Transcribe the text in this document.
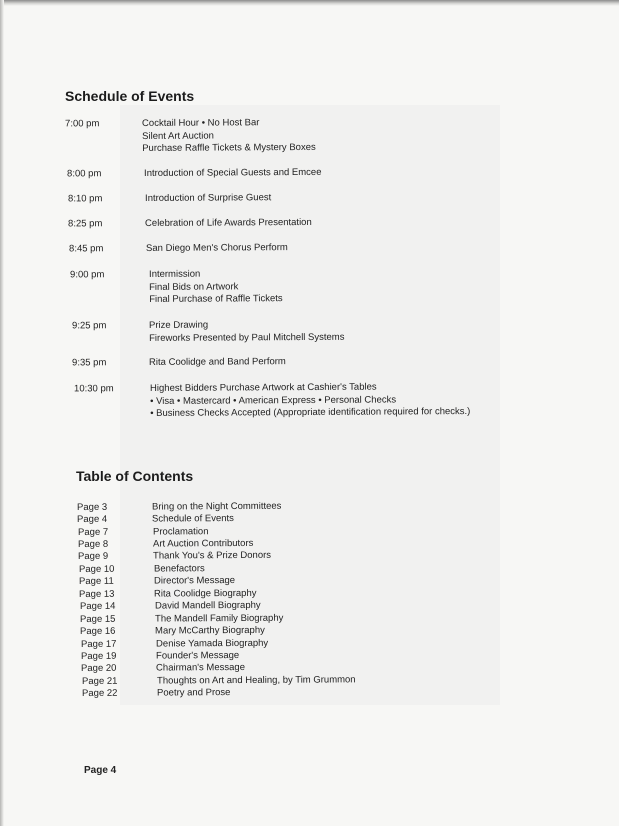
Schedule of Events
7:00 pm	Cocktail Hour • No Host Bar
Silent Art Auction
Purchase Raffle Tickets & Mystery Boxes
8:00 pm	Introduction of Special Guests and Emcee
8:10 pm	Introduction of Surprise Guest
8:25 pm	Celebration of Life Awards Presentation
8:45 pm	San Diego Men's Chorus Perform
9:00 pm	Intermission
Final Bids on Artwork
Final Purchase of Raffle Tickets
9:25 pm	Prize Drawing
Fireworks Presented by Paul Mitchell Systems
9:35 pm	Rita Coolidge and Band Perform
10:30 pm	Highest Bidders Purchase Artwork at Cashier's Tables
• Visa • Mastercard • American Express • Personal Checks
• Business Checks Accepted (Appropriate identification required for checks.)
Table of Contents
Page 3	Bring on the Night Committees
Page 4	Schedule of Events
Page 7	Proclamation
Page 8	Art Auction Contributors
Page 9	Thank You's & Prize Donors
Page 10	Benefactors
Page 11	Director's Message
Page 13	Rita Coolidge Biography
Page 14	David Mandell Biography
Page 15	The Mandell Family Biography
Page 16	Mary McCarthy Biography
Page 17	Denise Yamada Biography
Page 19	Founder's Message
Page 20	Chairman's Message
Page 21	Thoughts on Art and Healing, by Tim Grummon
Page 22	Poetry and Prose
Page 4
